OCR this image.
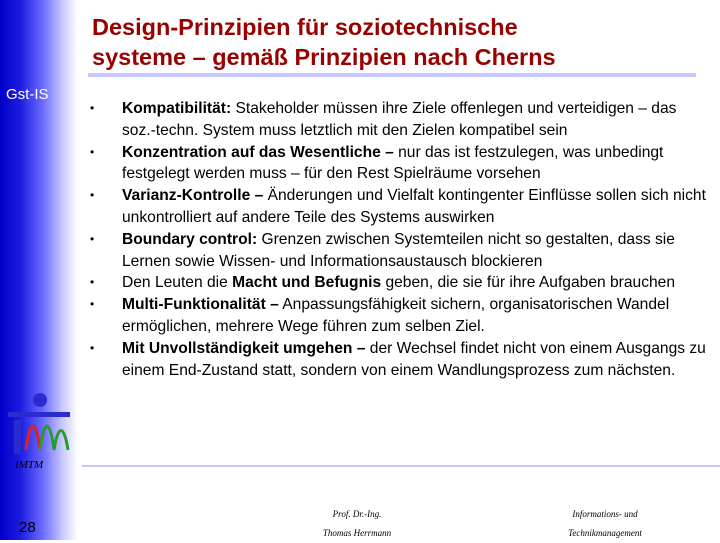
Gst-IS
Design-Prinzipien für soziotechnische
systeme – gemäß Prinzipien nach Cherns
• Kompatibilität: Stakeholder müssen ihre Ziele offenlegen und verteidigen – das soz.-techn. System muss letztlich mit den Zielen kompatibel sein
• Konzentration auf das Wesentliche – nur das ist festzulegen, was unbedingt festgelegt werden muss – für den Rest Spielräume vorsehen
• Varianz-Kontrolle – Änderungen und Vielfalt kontingenter Einflüsse sollen sich nicht unkontrolliert auf andere Teile des Systems auswirken
• Boundary control: Grenzen zwischen Systemteilen nicht so gestalten, dass sie Lernen sowie Wissen- und Informationsaustausch blockieren
• Den Leuten die Macht und Befugnis geben, die sie für ihre Aufgaben brauchen
• Multi-Funktionalität – Anpassungsfähigkeit sichern, organisatorischen Wandel ermöglichen, mehrere Wege führen zum selben Ziel.
• Mit Unvollständigkeit umgehen – der Wechsel findet nicht von einem Ausgangs zu einem End-Zustand statt, sondern von einem Wandlungsprozess zum nächsten.
IMTM
28
Prof. Dr.-Ing.
Thomas Herrmann
Informations- und
Technikmanagement
